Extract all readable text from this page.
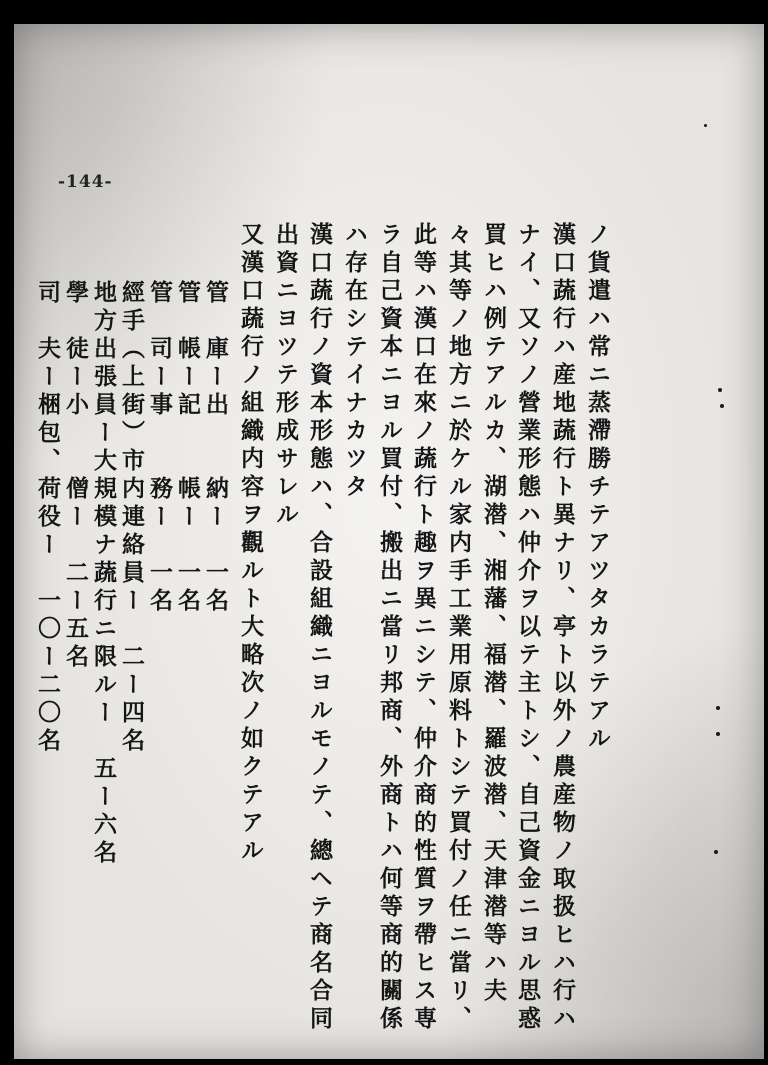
-144-
ノ貨遣ハ常ニ蒸滯勝チテアツタカラテアル
漢口蔬行ハ産地蔬行ト異ナリ、亭ト以外ノ農産物ノ取扱ヒハ行ハ
ナイ、又ソノ營業形態ハ仲介ヲ以テ主トシ、自己資金ニヨル思惑
買ヒハ例テアルカ、湖潜、湘藩、福潜、羅波潜、天津潜等ハ夫
々其等ノ地方ニ於ケル家内手工業用原料トシテ買付ノ任ニ當リ、
此等ハ漢口在來ノ蔬行ト趣ヲ異ニシテ、仲介商的性質ヲ帶ヒス専
ラ自己資本ニヨル買付、搬出ニ當リ邦商、外商トハ何等商的關係
ハ存在シテイナカツタ
漢口蔬行ノ資本形態ハ、合設組織ニヨルモノテ、總ヘテ商名合同
出資ニヨツテ形成サレル
又漢口蔬行ノ組織内容ヲ觀ルト大略次ノ如クテアル
管　庫ー出　　納ー　一名
管　帳ー記　　帳ー　一名
管　司ー事　　務ー　一名
經手（上街）市内連絡員ー　二ー四名
地方出張員ー大規模ナ蔬行ニ限ルー　五ー六名
學　徒ー小　　僧ー　二ー五名
司　夫ー梱包、荷役ー　一〇ー二〇名
